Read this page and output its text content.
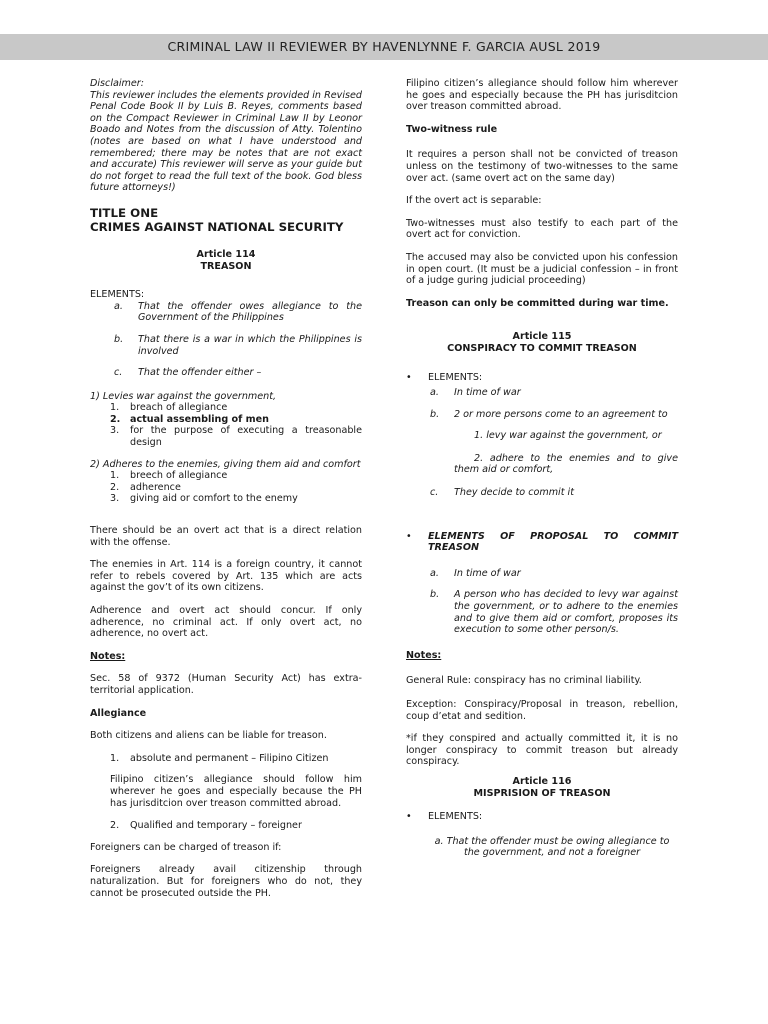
CRIMINAL LAW II REVIEWER BY HAVENLYNNE F. GARCIA AUSL 2019

Disclaimer:
This reviewer includes the elements provided in Revised Penal Code Book II by Luis B. Reyes, comments based on the Compact Reviewer in Criminal Law II by Leonor Boado and Notes from the discussion of Atty. Tolentino (notes are based on what I have understood and remembered; there may be notes that are not exact and accurate) This reviewer will serve as your guide but do not forget to read the full text of the book. God bless future attorneys!)

TITLE ONE
CRIMES AGAINST NATIONAL SECURITY
Article 114
TREASON
ELEMENTS:
a.	That the offender owes allegiance to the Government of the Philippines
b.	That there is a war in which the Philippines is involved
c.	That the offender either –
1) Levies war against the government,
1.	breach of allegiance
2.	actual assembling of men
3.	for the purpose of executing a treasonable design
2) Adheres to the enemies, giving them aid and comfort
1.	breech of allegiance
2.	adherence
3.	giving aid or comfort to the enemy

There should be an overt act that is a direct relation with the offense.

The enemies in Art. 114 is a foreign country, it cannot refer to rebels covered by Art. 135 which are acts against the gov’t of its own citizens.

Adherence and overt act should concur. If only adherence, no criminal act. If only overt act, no adherence, no overt act.

Notes:

Sec. 58 of 9372 (Human Security Act) has extra-territorial application.

Allegiance

Both citizens and aliens can be liable for treason.

1.	absolute and permanent – Filipino Citizen

Filipino citizen’s allegiance should follow him wherever he goes and especially because the PH has jurisditcion over treason committed abroad.

2.	Qualified and temporary – foreigner

Foreigners can be charged of treason if:

Foreigners already avail citizenship through naturalization. But for foreigners who do not, they cannot be prosecuted outside the PH.

Filipino citizen’s allegiance should follow him wherever he goes and especially because the PH has jurisditcion over treason committed abroad.

Two-witness rule

It requires a person shall not be convicted of treason unless on the testimony of two-witnesses to the same over act. (same overt act on the same day)

If the overt act is separable:

Two-witnesses must also testify to each part of the overt act for conviction.

The accused may also be convicted upon his confession in open court. (It must be a judicial confession – in front of a judge guring judicial proceeding)

Treason can only be committed during war time.

Article 115
CONSPIRACY TO COMMIT TREASON
•	ELEMENTS:
a.	In time of war
b.	2 or more persons come to an agreement to

1. levy war against the government, or

2. adhere to the enemies and to give them aid or comfort,

c.	They decide to commit it
•	ELEMENTS OF PROPOSAL TO COMMIT TREASON
a.	In time of war
b.	A person who has decided to levy war against the government, or to adhere to the enemies and to give them aid or comfort, proposes its execution to some other person/s.

Notes:

General Rule: conspiracy has no criminal liability.

Exception: Conspiracy/Proposal in treason, rebellion, coup d’etat and sedition.

*if they conspired and actually committed it, it is no longer conspiracy to commit treason but already conspiracy.

Article 116
MISPRISION OF TREASON
•	ELEMENTS:

a. That the offender must be owing allegiance to the government, and not a foreigner
